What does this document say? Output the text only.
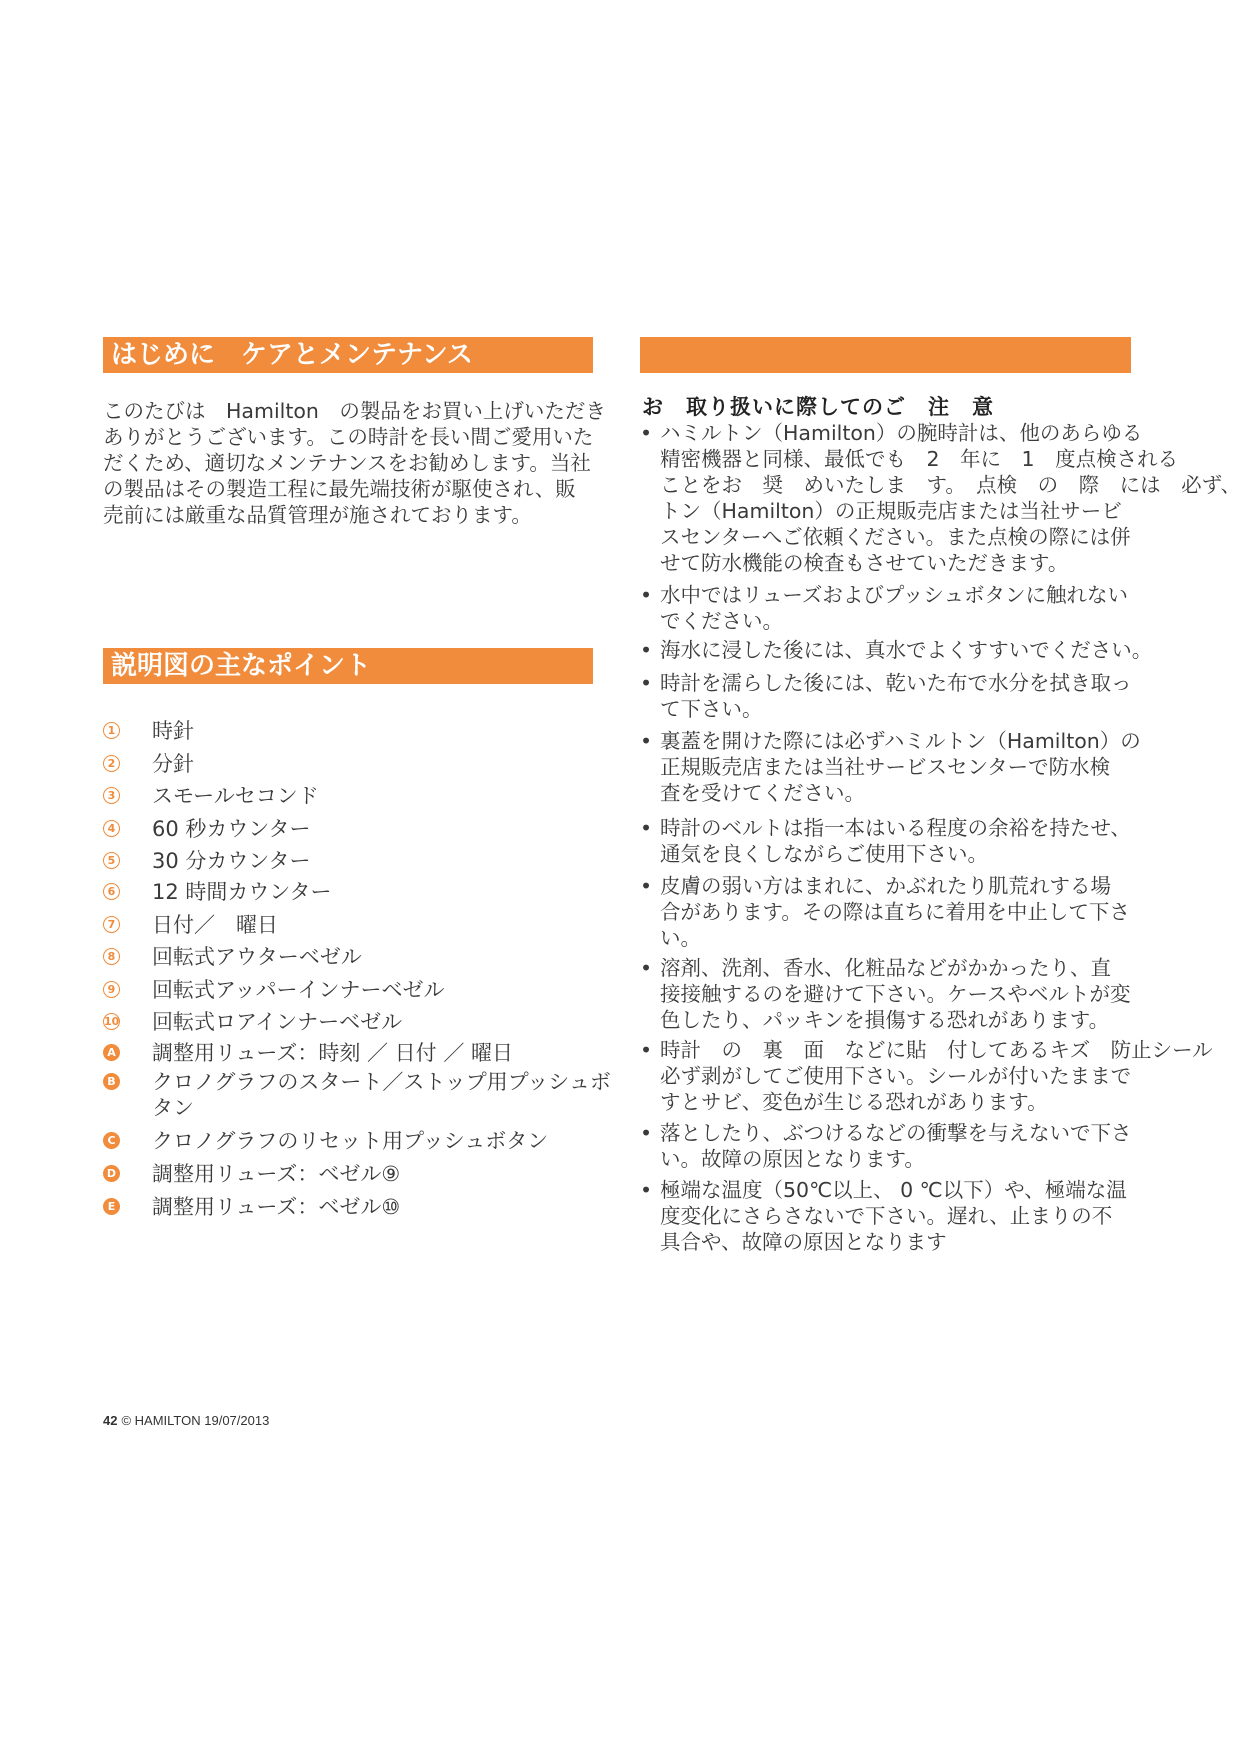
はじめに　ケアとメンテナンス
このたびは　Hamilton　の製品をお買い上げいただき
ありがとうございます。この時計を長い間ご愛用いた
だくため、適切なメンテナンスをお勧めします。当社
の製品はその製造工程に最先端技術が駆使され、販
売前には厳重な品質管理が施されております。
説明図の主なポイント
1 時針
2 分針
3 スモールセコンド
4 60 秒カウンター
5 30 分カウンター
6 12 時間カウンター
7 日付／　曜日
8 回転式アウターベゼル
9 回転式アッパーインナーベゼル
10 回転式ロアインナーベゼル
A 調整用リューズ：時刻 ／ 日付 ／ 曜日
B クロノグラフのスタート／ストップ用プッシュボ
タン
C クロノグラフのリセット用プッシュボタン
D 調整用リューズ：ベゼル⑨
E 調整用リューズ：ベゼル⑩

お　取り扱いに際してのご　注　意

• ハミルトン（Hamilton）の腕時計は、他のあらゆる
精密機器と同様、最低でも　2　年に　1　度点検される
ことをお　奨　めいたしま　す。　点検　の　際　には　必ず、
トン（Hamilton）の正規販売店または当社サービ
スセンターへご依頼ください。また点検の際には併
せて防水機能の検査もさせていただきます。
• 水中ではリューズおよびプッシュボタンに触れない
でください。
• 海水に浸した後には、真水でよくすすいでください。
• 時計を濡らした後には、乾いた布で水分を拭き取っ
て下さい。
• 裏蓋を開けた際には必ずハミルトン（Hamilton）の
正規販売店または当社サービスセンターで防水検
査を受けてください。
• 時計のベルトは指一本はいる程度の余裕を持たせ、
通気を良くしながらご使用下さい。
• 皮膚の弱い方はまれに、かぶれたり肌荒れする場
合があります。その際は直ちに着用を中止して下さ
い。
• 溶剤、洗剤、香水、化粧品などがかかったり、直
接接触するのを避けて下さい。ケースやベルトが変
色したり、パッキンを損傷する恐れがあります。
• 時計　の　裏　面　などに貼　付してあるキズ　防止シール
必ず剥がしてご使用下さい。シールが付いたままで
すとサビ、変色が生じる恐れがあります。
• 落としたり、ぶつけるなどの衝撃を与えないで下さ
い。故障の原因となります。
• 極端な温度（50℃以上、 0 ℃以下）や、極端な温
度変化にさらさないで下さい。遅れ、止まりの不
具合や、故障の原因となります
42 © HAMILTON 19/07/2013
